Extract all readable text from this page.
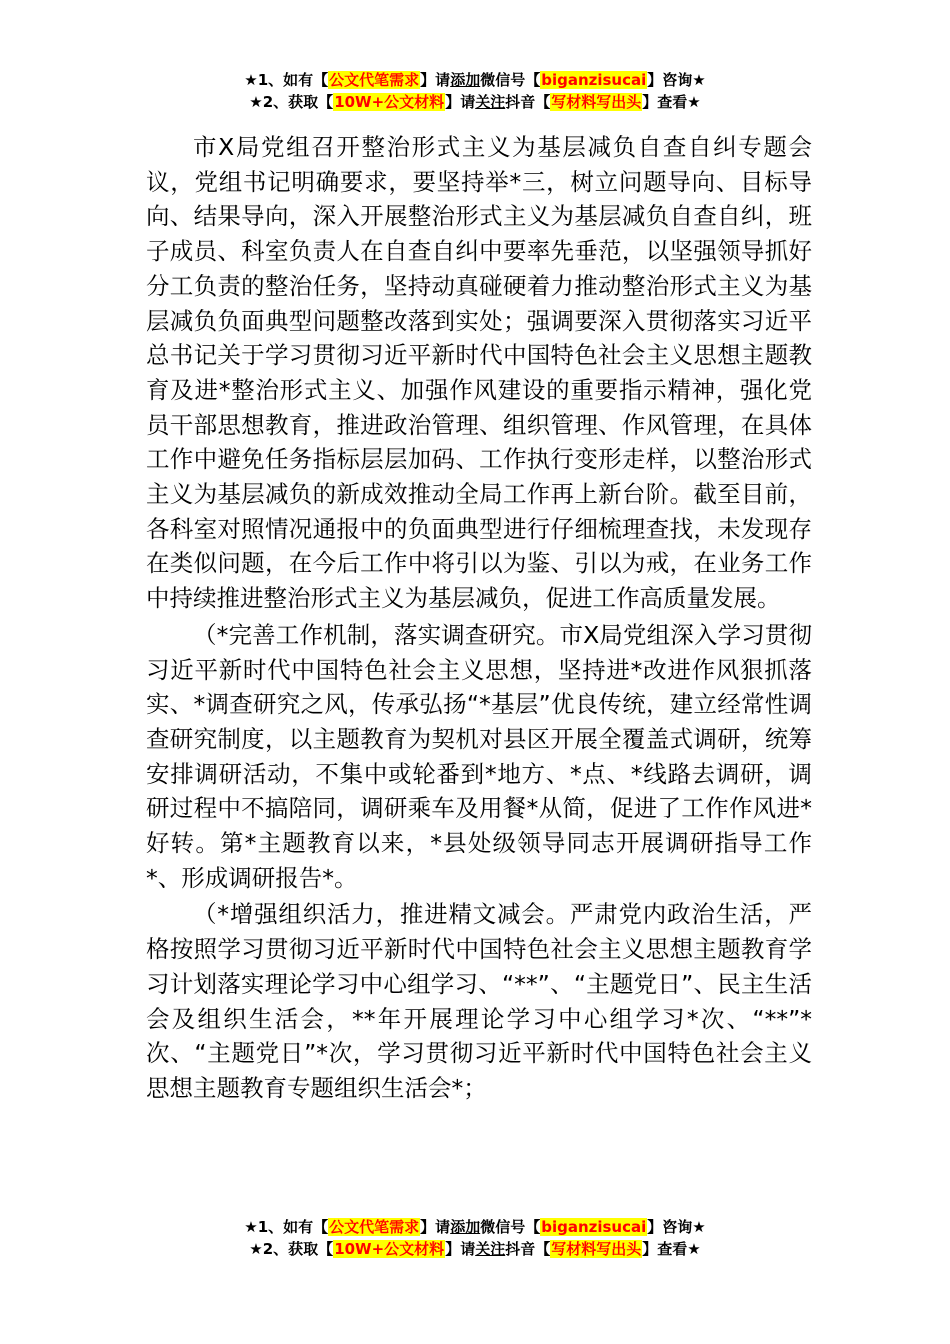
★1、如有【公文代笔需求】请添加微信号【biganzisucai】咨询★
★2、获取【10W+公文材料】请关注抖音【写材料写出头】查看★

市X局党组召开整治形式主义为基层减负自查自纠专题会议，党组书记明确要求，要坚持举*三，树立问题导向、目标导向、结果导向，深入开展整治形式主义为基层减负自查自纠，班子成员、科室负责人在自查自纠中要率先垂范，以坚强领导抓好分工负责的整治任务，坚持动真碰硬着力推动整治形式主义为基层减负负面典型问题整改落到实处；强调要深入贯彻落实习近平总书记关于学习贯彻习近平新时代中国特色社会主义思想主题教育及进*整治形式主义、加强作风建设的重要指示精神，强化党员干部思想教育，推进政治管理、组织管理、作风管理，在具体工作中避免任务指标层层加码、工作执行变形走样，以整治形式主义为基层减负的新成效推动全局工作再上新台阶。截至目前，各科室对照情况通报中的负面典型进行仔细梳理查找，未发现存在类似问题，在今后工作中将引以为鉴、引以为戒，在业务工作中持续推进整治形式主义为基层减负，促进工作高质量发展。

（*完善工作机制，落实调查研究。市X局党组深入学习贯彻习近平新时代中国特色社会主义思想，坚持进*改进作风狠抓落实、*调查研究之风，传承弘扬“*基层”优良传统，建立经常性调查研究制度，以主题教育为契机对县区开展全覆盖式调研，统筹安排调研活动，不集中或轮番到*地方、*点、*线路去调研，调研过程中不搞陪同，调研乘车及用餐*从简，促进了工作作风进*好转。第*主题教育以来，*县处级领导同志开展调研指导工作*、形成调研报告*。

（*增强组织活力，推进精文减会。严肃党内政治生活，严格按照学习贯彻习近平新时代中国特色社会主义思想主题教育学习计划落实理论学习中心组学习、“**”、“主题党日”、民主生活会及组织生活会，**年开展理论学习中心组学习*次、“**”*次、“主题党日”*次，学习贯彻习近平新时代中国特色社会主义思想主题教育专题组织生活会*；

★1、如有【公文代笔需求】请添加微信号【biganzisucai】咨询★
★2、获取【10W+公文材料】请关注抖音【写材料写出头】查看★
